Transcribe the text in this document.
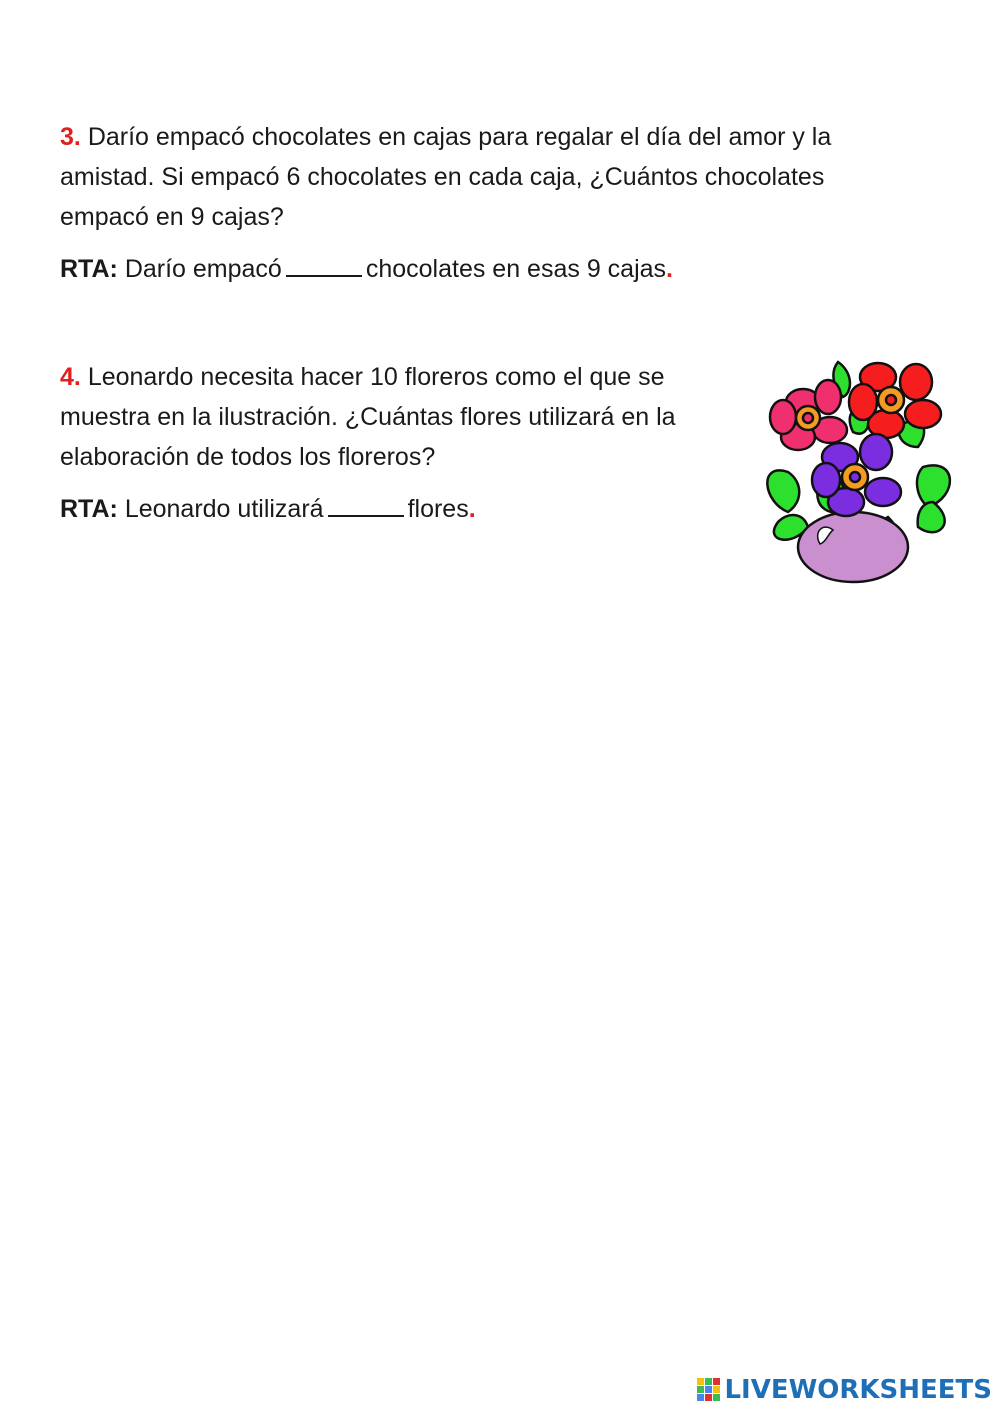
3. Darío empacó chocolates en cajas para regalar el día del amor y la amistad. Si empacó 6 chocolates en cada caja, ¿Cuántos chocolates empacó en 9 cajas?
RTA: Darío empacó	chocolates en esas 9 cajas.
4. Leonardo necesita hacer 10 floreros como el que se muestra en la ilustración. ¿Cuántas flores utilizará en la elaboración de todos los floreros?
RTA: Leonardo utilizará	flores.
LIVEWORKSHEETS
